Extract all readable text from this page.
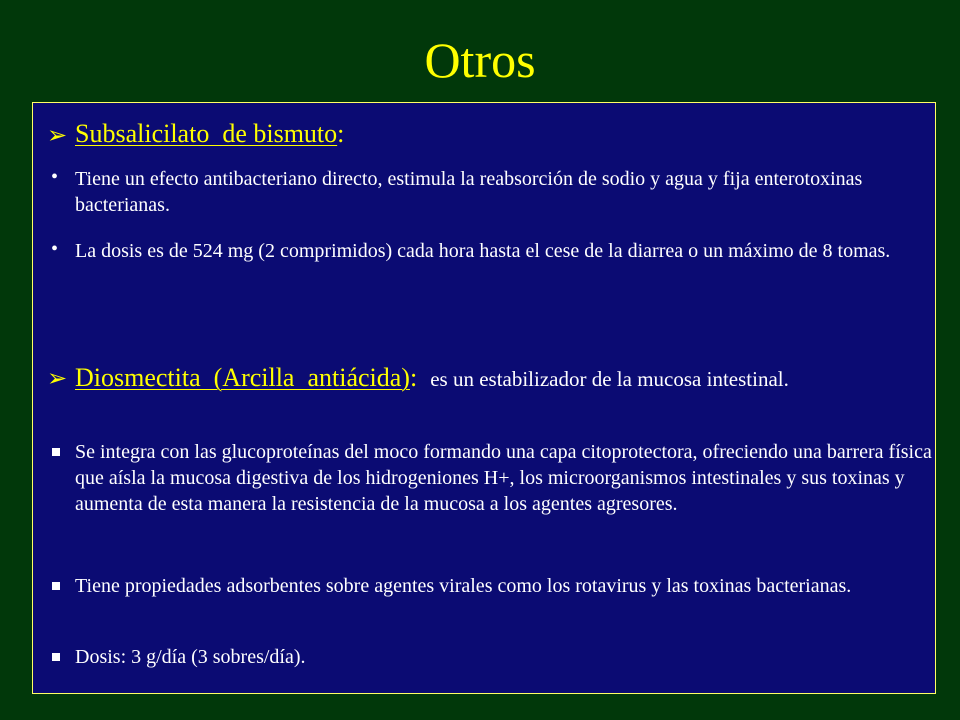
Otros
➢ Subsalicilato  de bismuto:
• Tiene un efecto antibacteriano directo, estimula la reabsorción de sodio y agua y fija enterotoxinas bacterianas.
• La dosis es de 524 mg (2 comprimidos) cada hora hasta el cese de la diarrea o un máximo de 8 tomas.
➢ Diosmectita  (Arcilla  antiácida): es un estabilizador de la mucosa intestinal.
Se integra con las glucoproteínas del moco formando una capa citoprotectora, ofreciendo una barrera física que aísla la mucosa digestiva de los hidrogeniones H+, los microorganismos intestinales y sus toxinas y aumenta de esta manera la resistencia de la mucosa a los agentes agresores.
Tiene propiedades adsorbentes sobre agentes virales como los rotavirus y las toxinas bacterianas.
Dosis: 3 g/día (3 sobres/día).
